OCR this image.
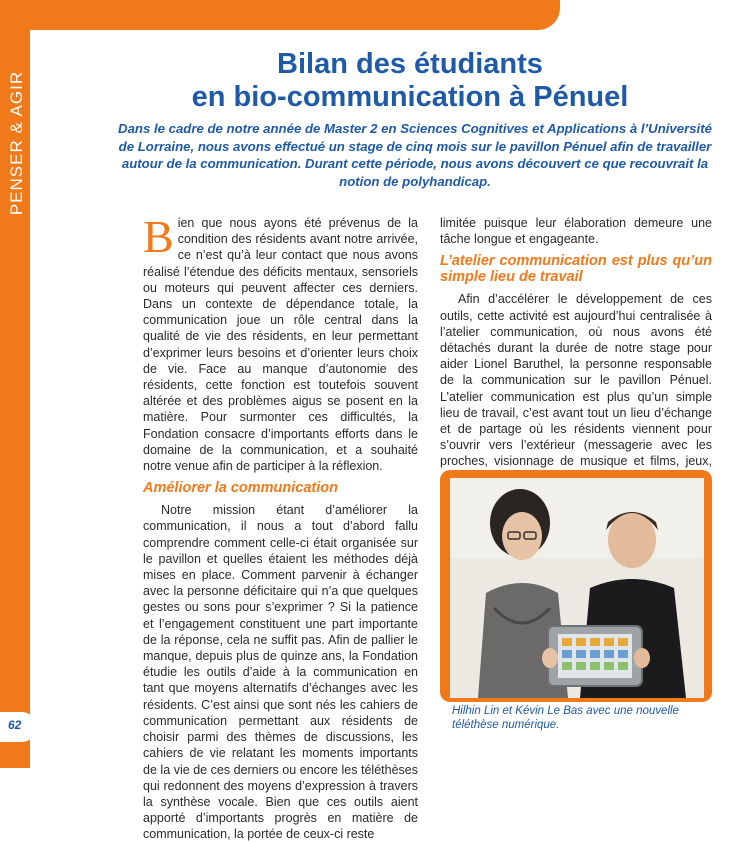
PENSER & AGIR
Bilan des étudiants
en bio-communication à Pénuel
Dans le cadre de notre année de Master 2 en Sciences Cognitives et Applications à l’Université de Lorraine, nous avons effectué un stage de cinq mois sur le pavillon Pénuel afin de travailler autour de la communication. Durant cette période, nous avons découvert ce que recouvrait la notion de polyhandicap.

Bien que nous ayons été prévenus de la condition des résidents avant notre arrivée, ce n’est qu’à leur contact que nous avons réalisé l’étendue des déficits mentaux, sensoriels ou moteurs qui peuvent affecter ces derniers. Dans un contexte de dépendance totale, la communication joue un rôle central dans la qualité de vie des résidents, en leur permettant d’exprimer leurs besoins et d’orienter leurs choix de vie. Face au manque d’autonomie des résidents, cette fonction est toutefois souvent altérée et des problèmes aigus se posent en la matière. Pour surmonter ces difficultés, la Fondation consacre d’importants efforts dans le domaine de la communication, et a souhaité notre venue afin de participer à la réflexion.

Améliorer la communication

Notre mission étant d’améliorer la communication, il nous a tout d’abord fallu comprendre comment celle-ci était organisée sur le pavillon et quelles étaient les méthodes déjà mises en place. Comment parvenir à échanger avec la personne déficitaire qui n’a que quelques gestes ou sons pour s’exprimer ? Si la patience et l’engagement constituent une part importante de la réponse, cela ne suffit pas. Afin de pallier le manque, depuis plus de quinze ans, la Fondation étudie les outils d’aide à la communication en tant que moyens alternatifs d’échanges avec les résidents. C’est ainsi que sont nés les cahiers de communication permettant aux résidents de choisir parmi des thèmes de discussions, les cahiers de vie relatant les moments importants de la vie de ces derniers ou encore les téléthèses qui redonnent des moyens d’expression à travers la synthèse vocale. Bien que ces outils aient apporté d’importants progrès en matière de communication, la portée de ceux-ci reste

limitée puisque leur élaboration demeure une tâche longue et engageante.

L’atelier communication est plus qu’un simple lieu de travail

Afin d’accélérer le développement de ces outils, cette activité est aujourd’hui centralisée à l’atelier communication, où nous avons été détachés durant la durée de notre stage pour aider Lionel Baruthel, la personne responsable de la communication sur le pavillon Pénuel. L’atelier communication est plus qu’un simple lieu de travail, c’est avant tout un lieu d’échange et de partage où les résidents viennent pour s’ouvrir vers l’extérieur (messagerie avec les proches, visionnage de musique et films, jeux,

Hilhin Lin et Kévin Le Bas avec une nouvelle téléthèse numérique.
62
